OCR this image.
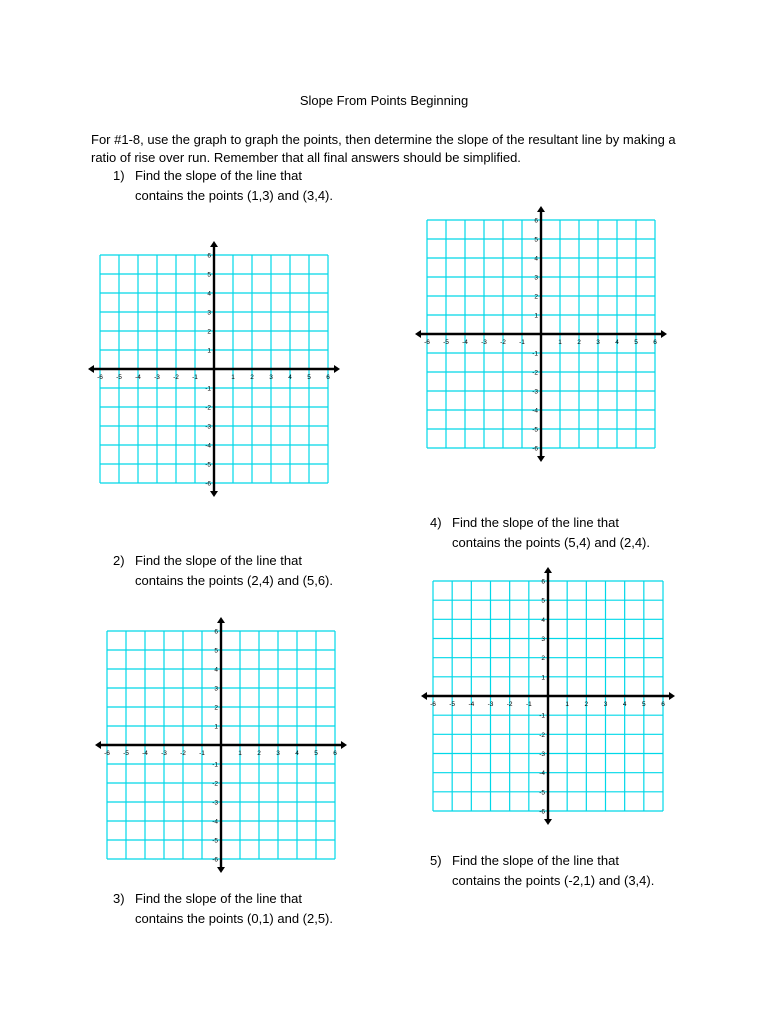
Slope From Points Beginning
For #1-8, use the graph to graph the points, then determine the slope of the resultant line by making a ratio of rise over run. Remember that all final answers should be simplified.
1) Find the slope of the line that

contains the points (1,3) and (3,4).
4) Find the slope of the line that
contains the points (5,4) and (2,4).
2) Find the slope of the line that
contains the points (2,4) and (5,6).
5) Find the slope of the line that
contains the points (-2,1) and (3,4).
3) Find the slope of the line that
contains the points (0,1) and (2,5).
-6 -5 -4 -3 -2 -1	1 2 3 4 5 6
-6
-5
-4
-3
-2
-1
1
2
3
4
5
6
-6 -5 -4 -3 -2 -1	1 2 3 4 5 6
-6
-5
-4
-3
-2
-1
1
2
3
4
5
6
-6 -5 -4 -3 -2 -1	1 2 3 4 5 6
-6
-5
-4
-3
-2
-1
1
2
3
4
5
6
-6 -5 -4 -3 -2 -1	1 2 3 4 5 6
-6
-5
-4
-3
-2
-1
1
2
3
4
5
6
